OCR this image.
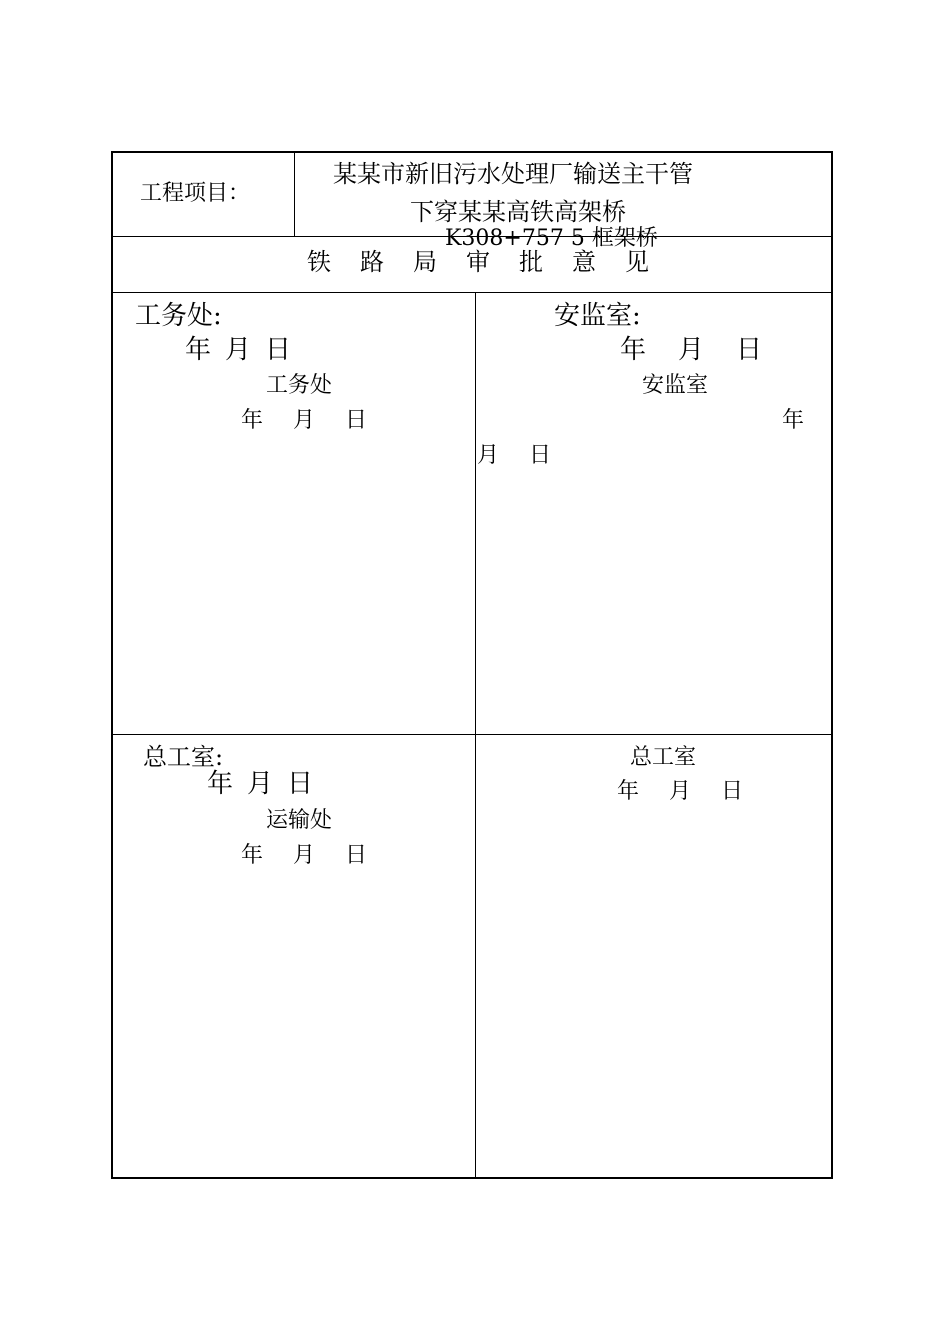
工程项目：
某某市新旧污水处理厂输送主干管
下穿某某高铁高架桥
K308+757 5 框架桥
铁路局审批意见
工务处:
年 月 日
工务处
年 月 日
安监室:
年 月 日
安监室
年
月 日
总工室:
年 月 日
运输处
年 月 日
总工室
年 月 日
